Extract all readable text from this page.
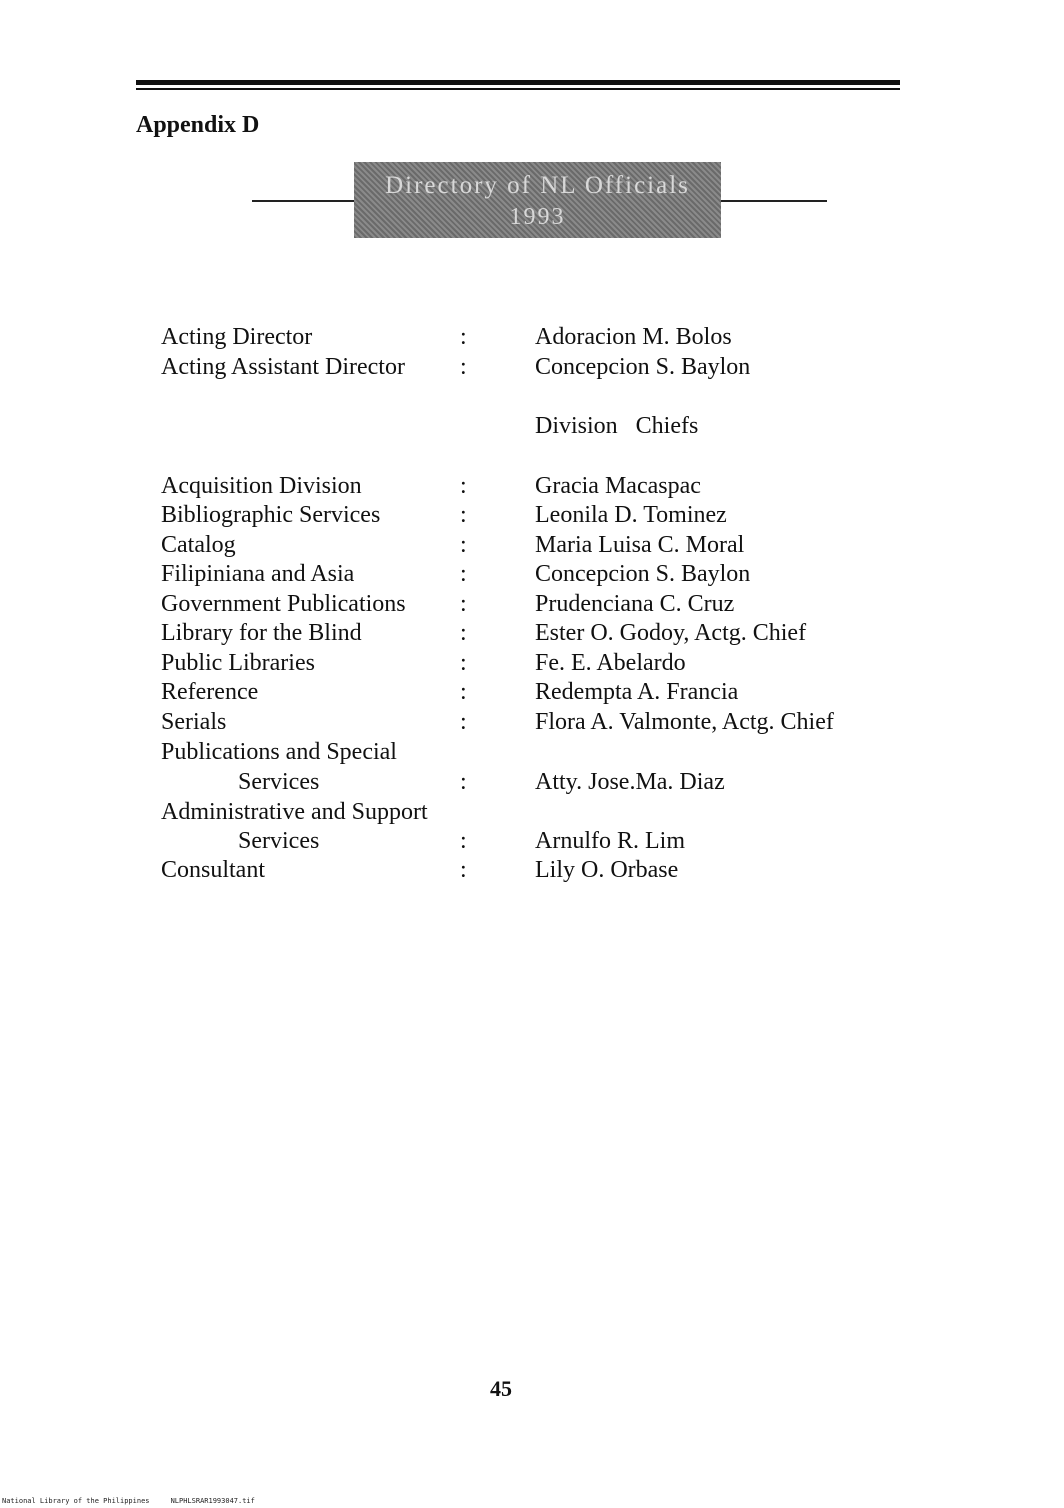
Appendix D
Directory of NL Officials
1993
Acting Director	:	Adoracion M. Bolos
Acting Assistant Director :	Concepcion S. Baylon
Division   Chiefs
Acquisition Division	:	Gracia Macaspac
Bibliographic Services	:	Leonila D. Tominez
Catalog	:	Maria Luisa C. Moral
Filipiniana and Asia	:	Concepcion S. Baylon
Government Publications :	Prudenciana C. Cruz
Library for the Blind	:	Ester O. Godoy, Actg. Chief
Public Libraries	:	Fe. E. Abelardo
Reference	:	Redempta A. Francia
Serials	:	Flora A. Valmonte, Actg. Chief
Publications and Special
Services	:	Atty. Jose.Ma. Diaz
Administrative and Support
Services	:	Arnulfo R. Lim
Consultant	:	Lily O. Orbase
45
National Library of the Philippines     NLPHLSRAR1993047.tif
